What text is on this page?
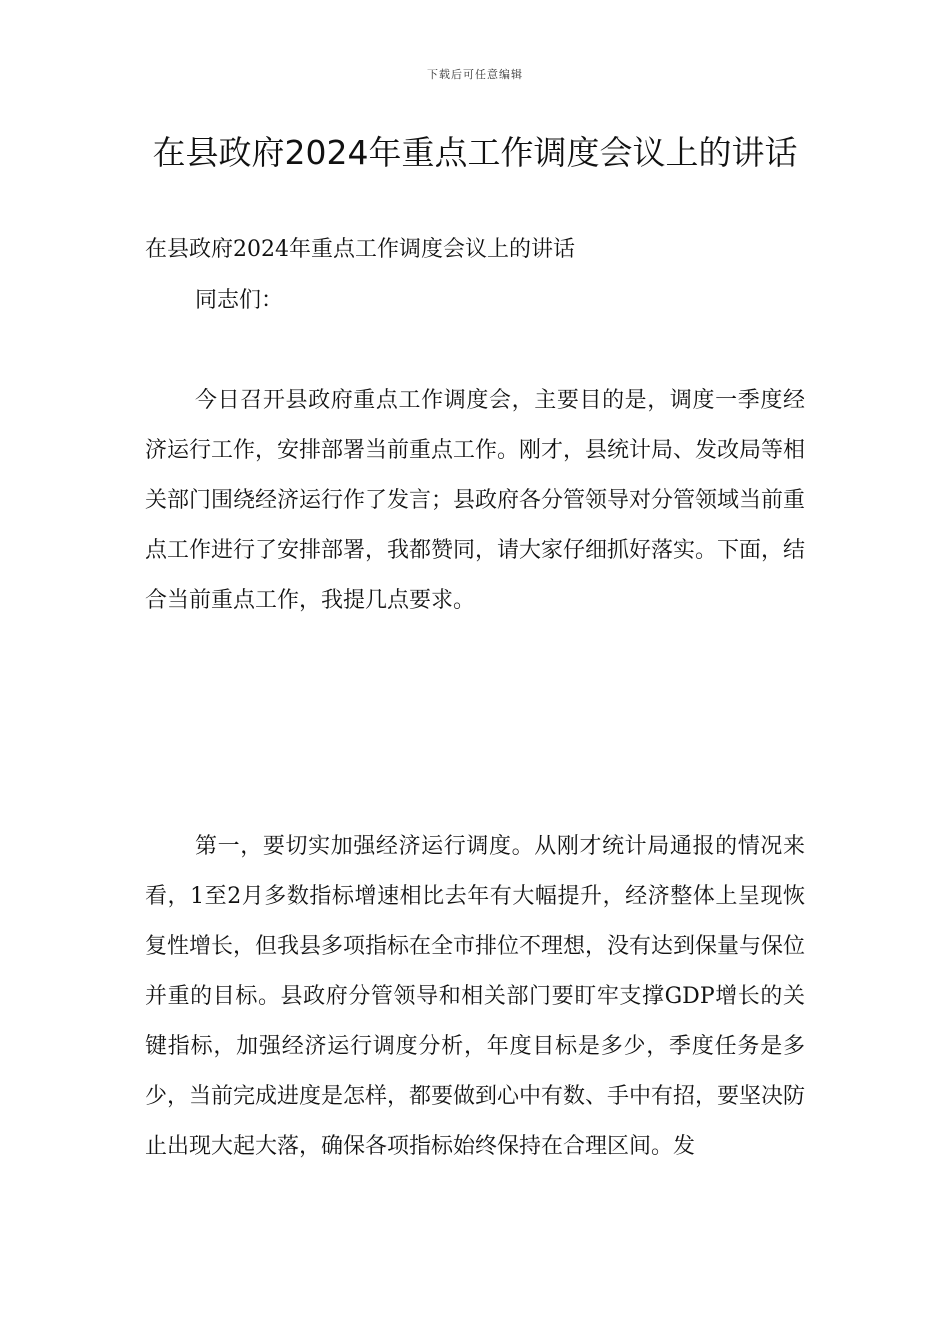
下载后可任意编辑
在县政府2024年重点工作调度会议上的讲话

在县政府2024年重点工作调度会议上的讲话

同志们：

今日召开县政府重点工作调度会，主要目的是，调度一季度经济运行工作，安排部署当前重点工作。刚才，县统计局、发改局等相关部门围绕经济运行作了发言；县政府各分管领导对分管领域当前重点工作进行了安排部署，我都赞同，请大家仔细抓好落实。下面，结合当前重点工作，我提几点要求。

第一，要切实加强经济运行调度。从刚才统计局通报的情况来看，1至2月多数指标增速相比去年有大幅提升，经济整体上呈现恢复性增长，但我县多项指标在全市排位不理想，没有达到保量与保位并重的目标。县政府分管领导和相关部门要盯牢支撑GDP增长的关键指标，加强经济运行调度分析，年度目标是多少，季度任务是多少，当前完成进度是怎样，都要做到心中有数、手中有招，要坚决防止出现大起大落，确保各项指标始终保持在合理区间。发
